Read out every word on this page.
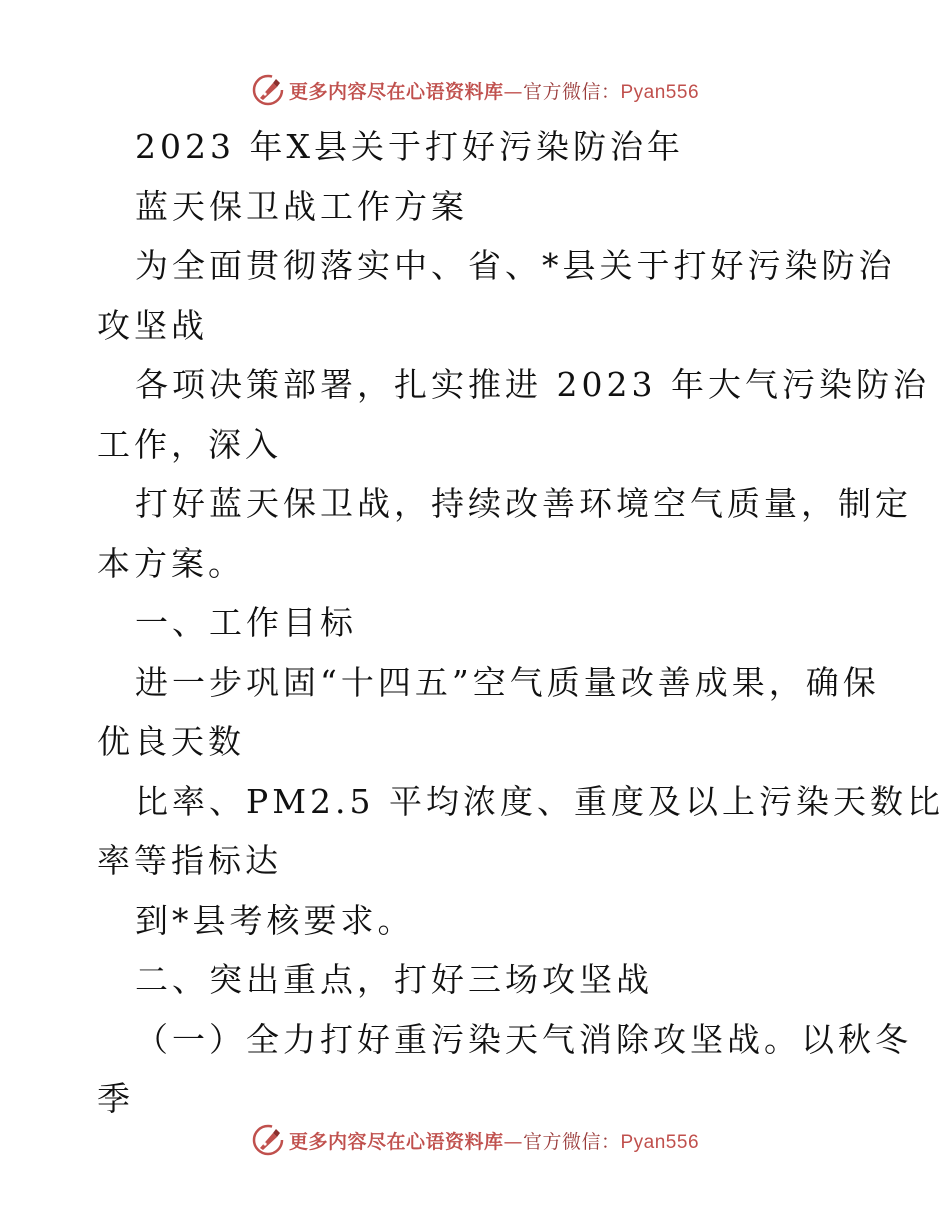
更多内容尽在心语资料库—官方微信：Pyan556
2023 年X县关于打好污染防治年
蓝天保卫战工作方案
为全面贯彻落实中、省、*县关于打好污染防治
攻坚战
各项决策部署，扎实推进 2023 年大气污染防治
工作，深入
打好蓝天保卫战，持续改善环境空气质量，制定
本方案。
一、工作目标
进一步巩固“十四五”空气质量改善成果，确保
优良天数
比率、PM2.5 平均浓度、重度及以上污染天数比
率等指标达
到*县考核要求。
二、突出重点，打好三场攻坚战
（一）全力打好重污染天气消除攻坚战。以秋冬
季
更多内容尽在心语资料库—官方微信：Pyan556
